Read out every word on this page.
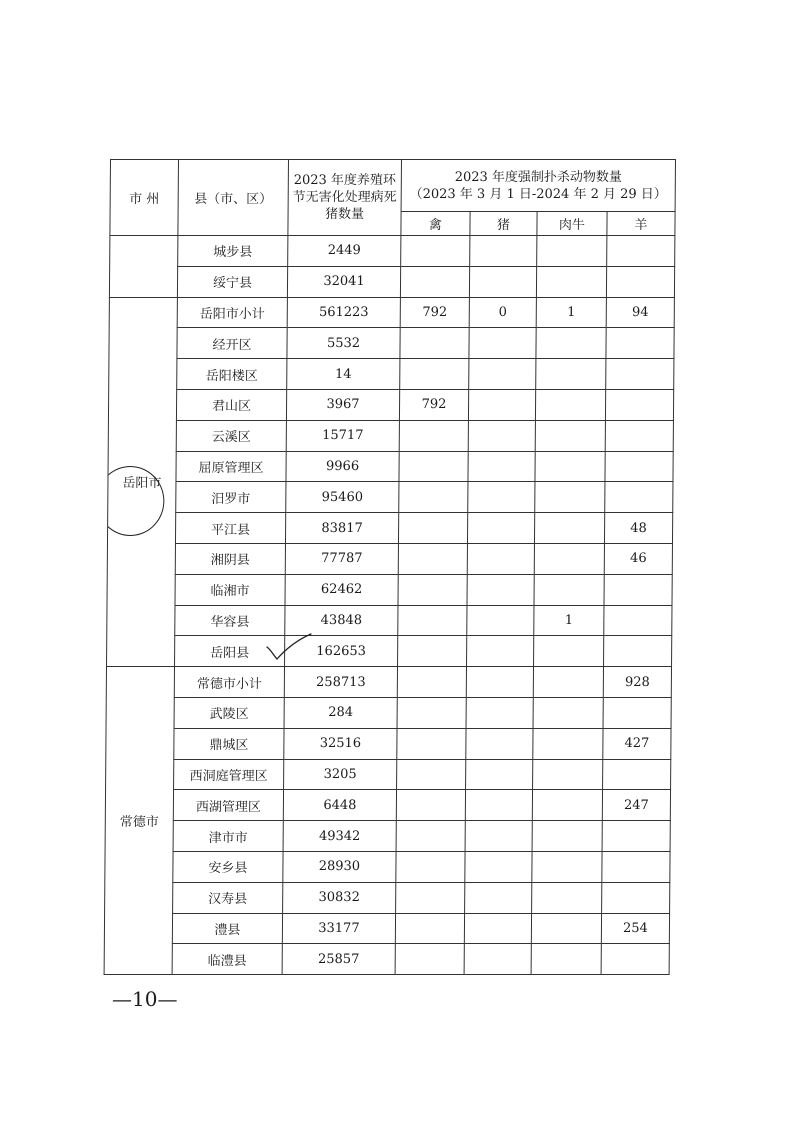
市 州	县（市、区）	2023 年度养殖环节无害化处理病死猪数量	2023 年度强制扑杀动物数量
（2023 年 3 月 1 日-2024 年 2 月 29 日）			

			禽	猪	肉牛	羊
	城步县	2449				
	绥宁县	32041				

岳阳市	岳阳市小计	561223	792	0	1	94
	经开区	5532				
	岳阳楼区	14				
	君山区	3967	792			
	云溪区	15717				
	屈原管理区	9966				
	汨罗市	95460				
	平江县	83817				48
	湘阴县	77787				46
	临湘市	62462				
	华容县	43848			1	
	岳阳县	162653				
常德市	常德市小计	258713				928
	武陵区	284				
	鼎城区	32516				427
	西洞庭管理区	3205				
	西湖管理区	6448				247
	津市市	49342				
	安乡县	28930				
	汉寿县	30832				
	澧县	33177				254
	临澧县	25857				
—10—
